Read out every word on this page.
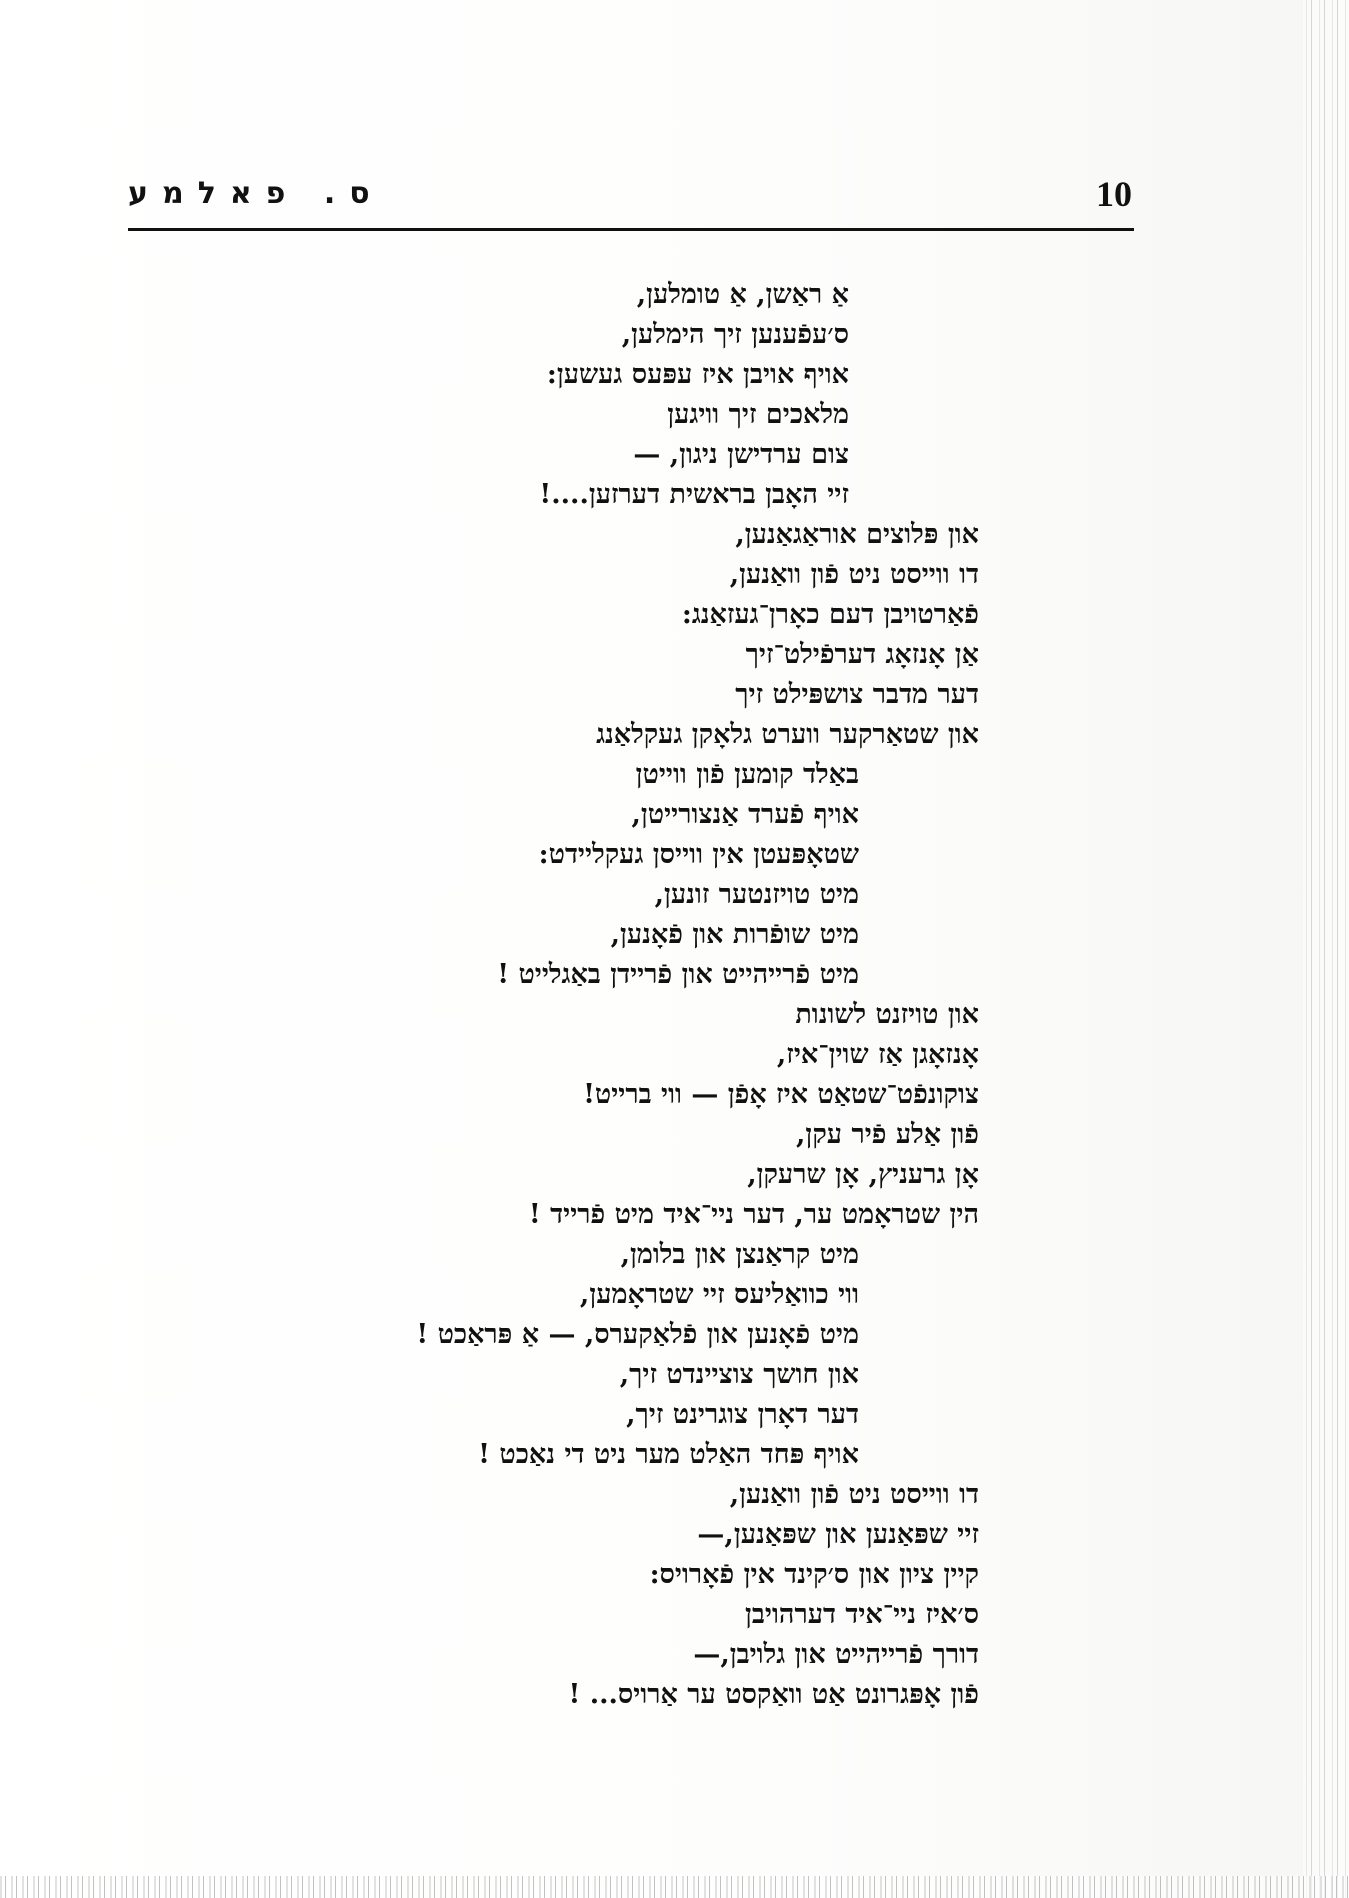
ס. פאלמע	10
אַ ראַשן, אַ טומלען,
ס׳עפֿענען זיך הימלען,
אויף אויבן איז עפּעס געשען:
מלאכים זיך וויגען
צום ערדישן ניגון, —
זיי האָבן בראשית דערזען....!
און פּלוצים אוראַגאַנען,
דו ווייסט ניט פֿון וואַנען,
פֿאַרטויבן דעם כאָרן־געזאַנג:
אַן אָנזאָג דערפֿילט־זיך
דער מדבר צושפּילט זיך
און שטאַרקער ווערט גלאָקן געקלאַנג
באַלד קומען פֿון ווייטן
אויף פֿערד אַנצורייטן,
שטאָפּעטן אין ווייסן געקליידט:
מיט טויזנטער זונען,
מיט שופֿרות און פֿאָנען,
מיט פֿרייהייט און פֿריידן באַגלייט !
און טויזנט לשונות
אָנזאָגן אַז שוין־איז,
צוקונפֿט־שטאַט איז אָפֿן — ווי ברייט!
פֿון אַלע פֿיר עקן,
אָן גרעניץ, אָן שרעקן,
הין שטראָמט ער, דער ניי־איד מיט פֿרייד !
מיט קראַנצן און בלומן,
ווי כוואַליעס זיי שטראָמען,
מיט פֿאָנען און פֿלאַקערס, — אַ פּראַכט !
און חושך צוציינדט זיך,
דער דאָרן צוגרינט זיך,
אויף פּחד האַלט מער ניט די נאַכט !
דו ווייסט ניט פֿון וואַנען,
זיי שפּאַנען און שפּאַנען,—
קיין ציון און ס׳קינד אין פֿאָרויס:
ס׳איז ניי־איד דערהויבן
דורך פֿרייהייט און גלויבן,—
פֿון אָפּגרונט אַט וואַקסט ער אַרויס... !
